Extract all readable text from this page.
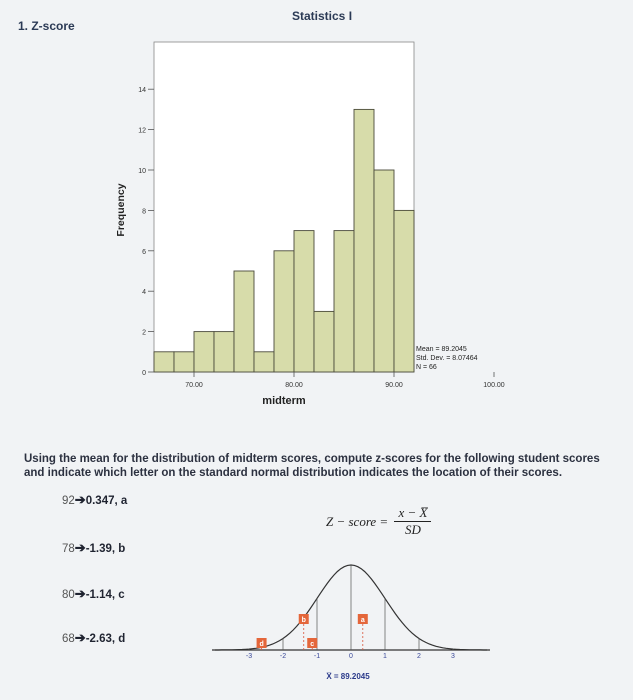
Statistics I
1. Z-score
0
2
4
6
8
10
12
14
70.00	80.00	90.00	100.00
Frequency
midterm
Mean = 89.2045
Std. Dev. = 8.07464
N = 66
Using the mean for the distribution of midterm scores, compute z-scores for the following student scores and indicate which letter on the standard normal distribution indicates the location of their scores.
92➔0.347, a
78➔-1.39, b
80➔-1.14, c
68➔-2.63, d
Z − score = $\frac{x - X̅}{SD}$
d
b
c
a
-3	-2	-1	0	1	2	3
X̅ = 89.2045
